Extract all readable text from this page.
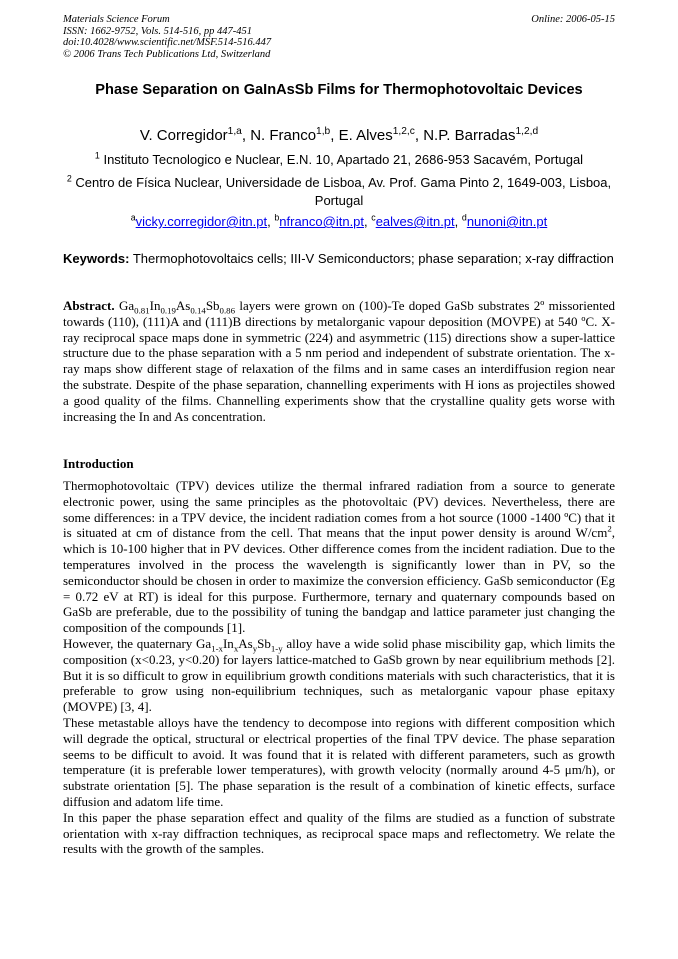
Materials Science Forum
ISSN: 1662-9752, Vols. 514-516, pp 447-451
doi:10.4028/www.scientific.net/MSF.514-516.447
© 2006 Trans Tech Publications Ltd, Switzerland
Online: 2006-05-15
Phase Separation on GaInAsSb Films for Thermophotovoltaic Devices
V. Corregidor$^{1,a}$, N. Franco$^{1,b}$, E. Alves$^{1,2,c}$, N.P. Barradas$^{1,2,d}$
$^1$ Instituto Tecnologico e Nuclear, E.N. 10, Apartado 21, 2686-953 Sacavém, Portugal
$^2$ Centro de Física Nuclear, Universidade de Lisboa, Av. Prof. Gama Pinto 2, 1649-003, Lisboa, Portugal
$^a$vicky.corregidor@itn.pt, $^b$nfranco@itn.pt, $^c$ealves@itn.pt, $^d$nunoni@itn.pt
Keywords: Thermophotovoltaics cells; III-V Semiconductors; phase separation; x-ray diffraction
Abstract. $Ga_{0.81}In_{0.19}As_{0.14}Sb_{0.86}$ layers were grown on (100)-Te doped GaSb substrates 2º missoriented towards (110), (111)A and (111)B directions by metalorganic vapour deposition (MOVPE) at 540 ºC. X-ray reciprocal space maps done in symmetric (224) and asymmetric (115) directions show a super-lattice structure due to the phase separation with a 5 nm period and independent of substrate orientation. The x-ray maps show different stage of relaxation of the films and in same cases an interdiffusion region near the substrate. Despite of the phase separation, channelling experiments with H ions as projectiles showed a good quality of the films. Channelling experiments show that the crystalline quality gets worse with increasing the In and As concentration.
Introduction

Thermophotovoltaic (TPV) devices utilize the thermal infrared radiation from a source to generate electronic power, using the same principles as the photovoltaic (PV) devices. Nevertheless, there are some differences: in a TPV device, the incident radiation comes from a hot source (1000 -1400 ºC) that it is situated at cm of distance from the cell. That means that the input power density is around $W/cm^2$, which is 10-100 higher that in PV devices. Other difference comes from the incident radiation. Due to the temperatures involved in the process the wavelength is significantly lower than in PV, so the semiconductor should be chosen in order to maximize the conversion efficiency. GaSb semiconductor (Eg = 0.72 eV at RT) is ideal for this purpose. Furthermore, ternary and quaternary compounds based on GaSb are preferable, due to the possibility of tuning the bandgap and lattice parameter just changing the composition of the compounds [1].

However, the quaternary $Ga_{1-x}In_xAs_ySb_{1-y}$ alloy have a wide solid phase miscibility gap, which limits the composition (x<0.23, y<0.20) for layers lattice-matched to GaSb grown by near equilibrium methods [2]. But it is so difficult to grow in equilibrium growth conditions materials with such characteristics, that it is preferable to grow using non-equilibrium techniques, such as metalorganic vapour phase epitaxy (MOVPE) [3, 4].

These metastable alloys have the tendency to decompose into regions with different composition which will degrade the optical, structural or electrical properties of the final TPV device. The phase separation seems to be difficult to avoid. It was found that it is related with different parameters, such as growth temperature (it is preferable lower temperatures), with growth velocity (normally around 4-5 μm/h), or substrate orientation [5]. The phase separation is the result of a combination of kinetic effects, surface diffusion and adatom life time.

In this paper the phase separation effect and quality of the films are studied as a function of substrate orientation with x-ray diffraction techniques, as reciprocal space maps and reflectometry. We relate the results with the growth of the samples.
